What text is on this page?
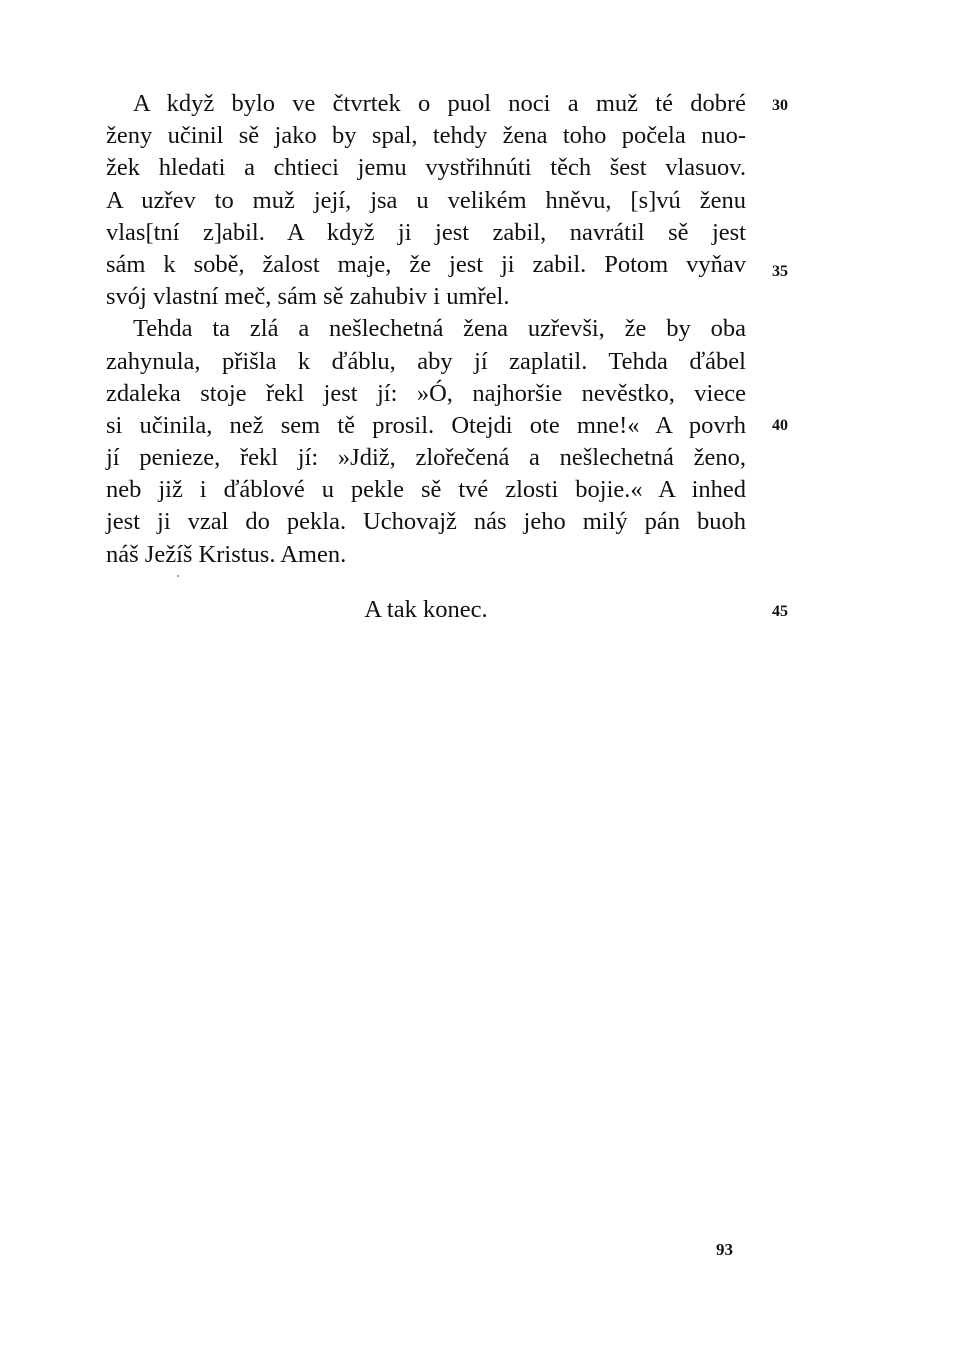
A když bylo ve čtvrtek o puol noci a muž té dobré
ženy učinil sě jako by spal, tehdy žena toho počela nuo-
žek hledati a chtieci jemu vystřihnúti těch šest vlasuov.
A uzřev to muž její, jsa u velikém hněvu, [s]vú ženu
vlas[tní z]abil. A když ji jest zabil, navrátil sě jest
sám k sobě, žalost maje, že jest ji zabil. Potom vyňav
svój vlastní meč, sám sě zahubiv i umřel.
Tehda ta zlá a nešlechetná žena uzřevši, že by oba
zahynula, přišla k ďáblu, aby jí zaplatil. Tehda ďábel
zdaleka stoje řekl jest jí: »Ó, najhoršie nevěstko, viece
si učinila, než sem tě prosil. Otejdi ote mne!« A povrh
jí penieze, řekl jí: »Jdiž, zlořečená a nešlechetná ženo,
neb již i ďáblové u pekle sě tvé zlosti bojie.« A inhed
jest ji vzal do pekla. Uchovajž nás jeho milý pán buoh
náš Ježíš Kristus. Amen.
A tak konec.
30
35
40
45
93
